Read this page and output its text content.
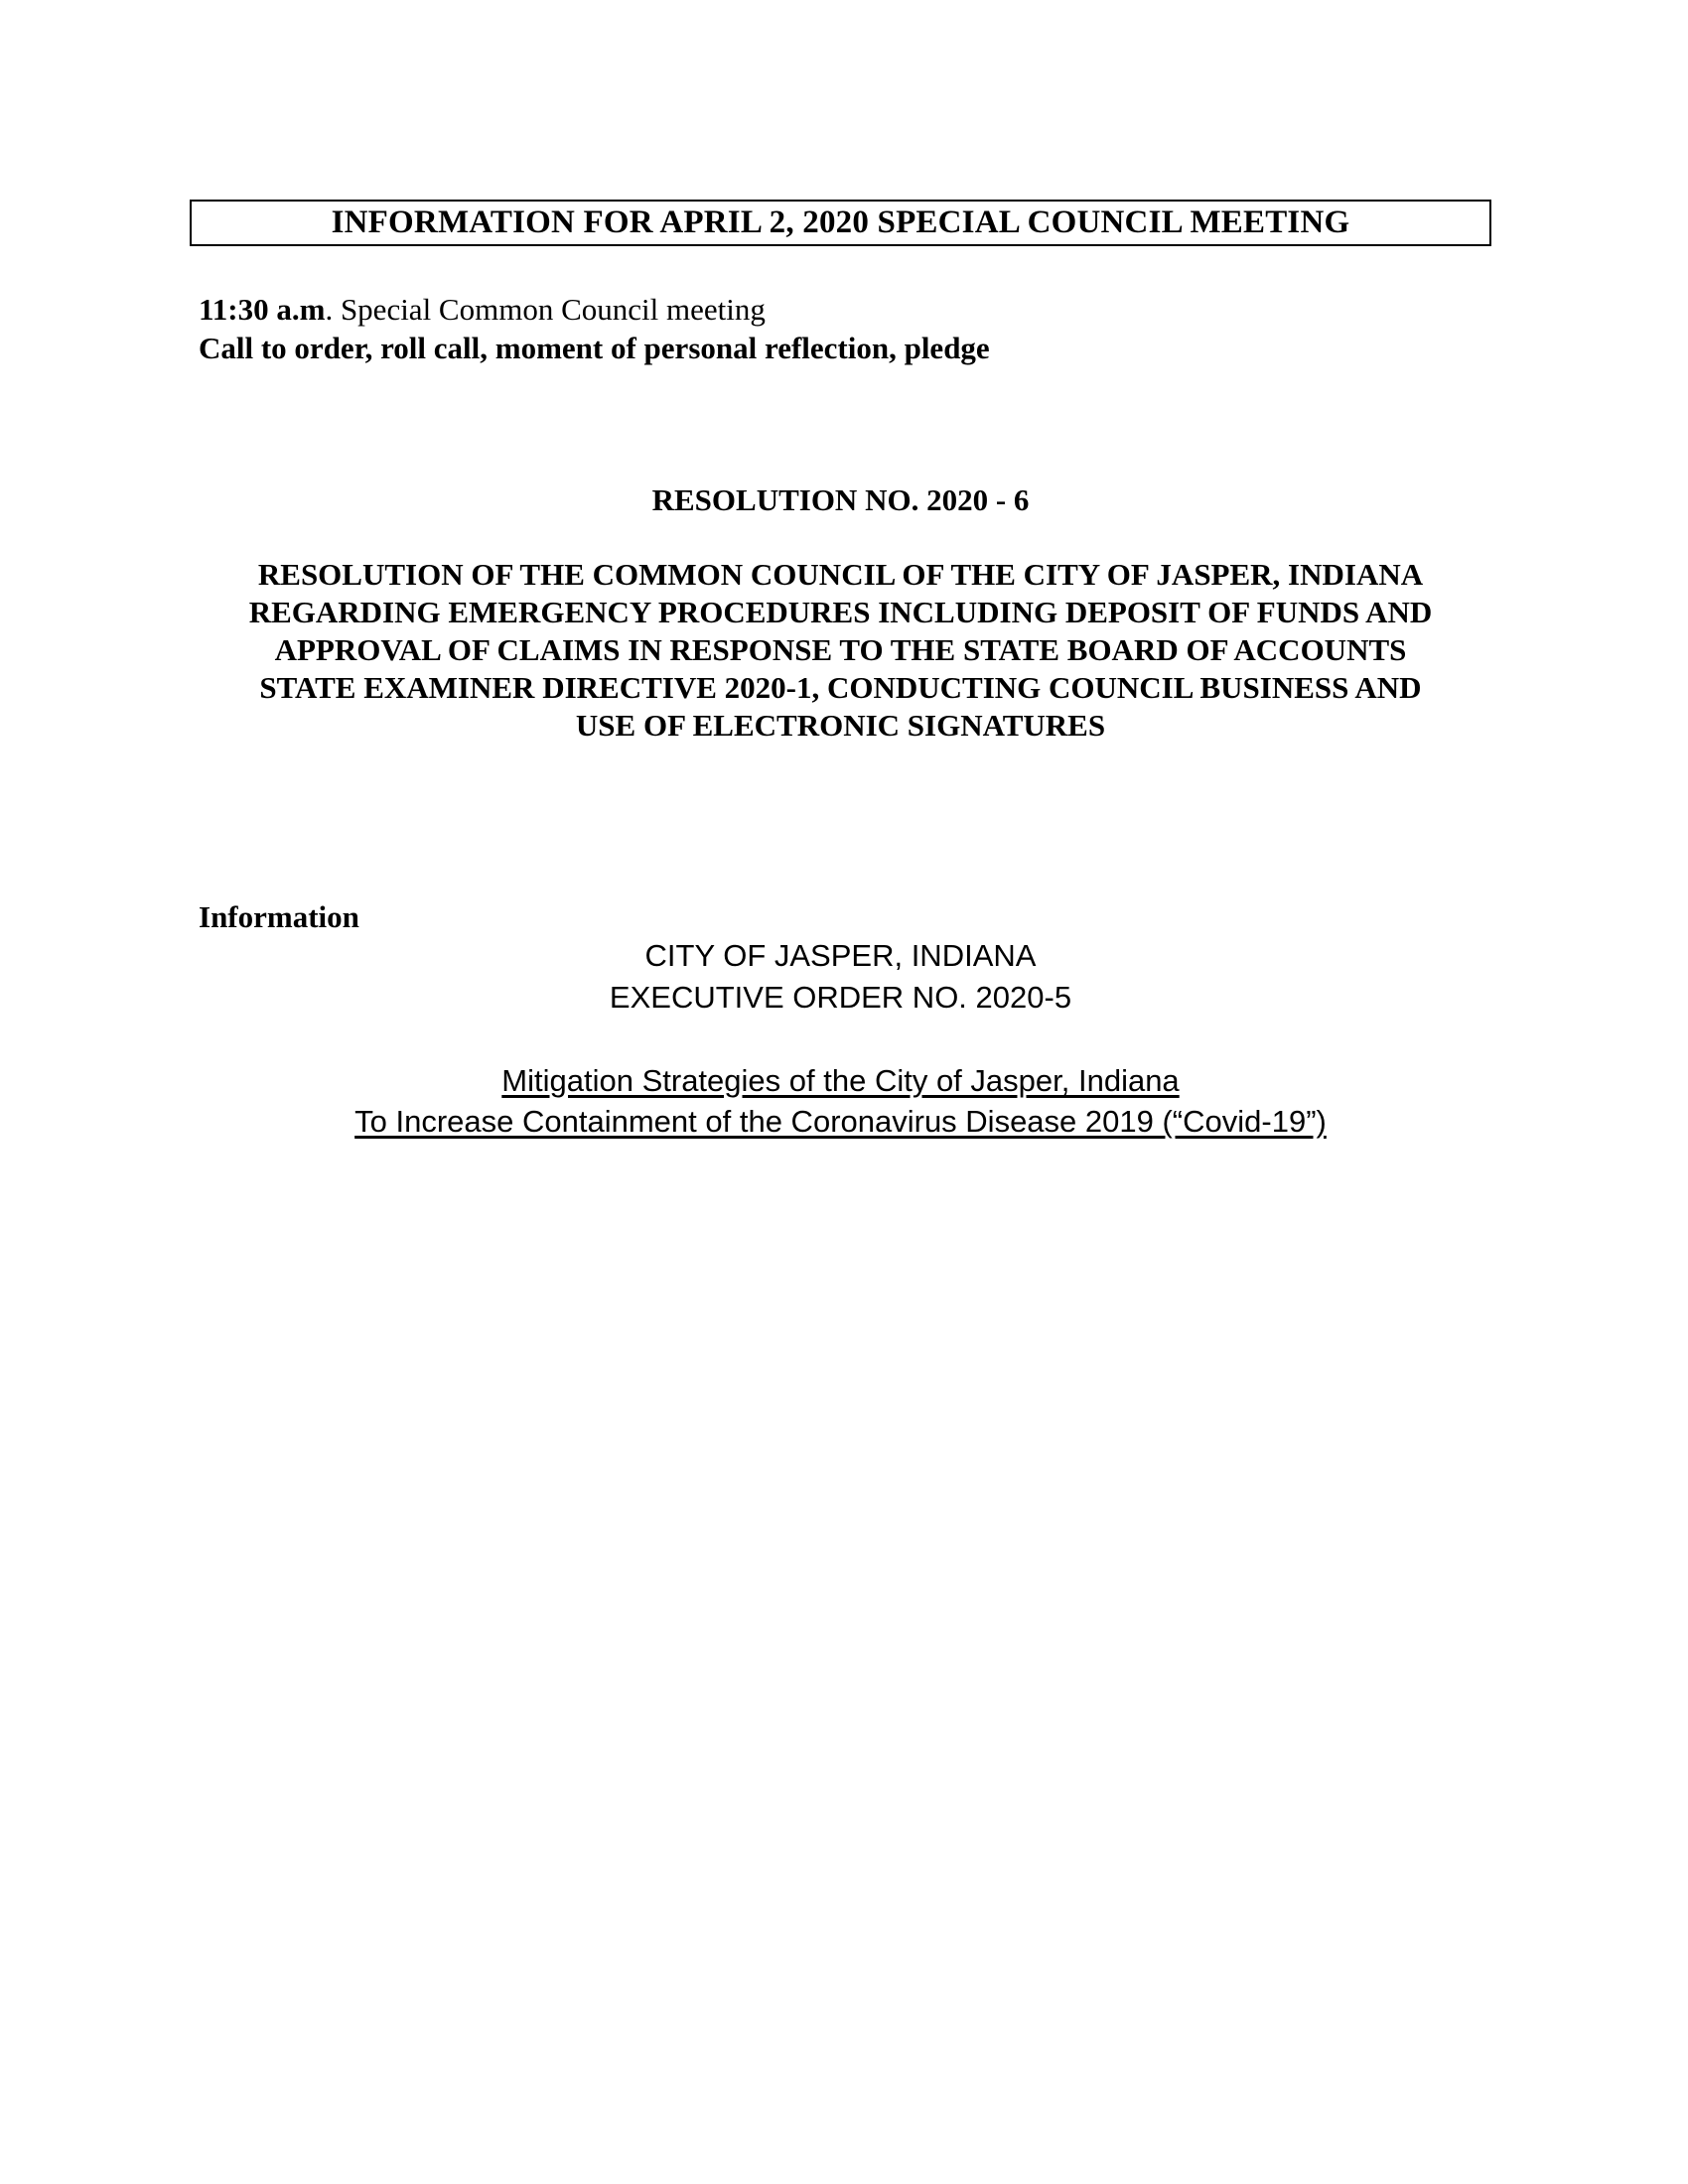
INFORMATION FOR APRIL 2, 2020 SPECIAL COUNCIL MEETING
11:30 a.m. Special Common Council meeting
Call to order, roll call, moment of personal reflection, pledge
RESOLUTION NO. 2020 - 6
RESOLUTION OF THE COMMON COUNCIL OF THE CITY OF JASPER, INDIANA
REGARDING EMERGENCY PROCEDURES INCLUDING DEPOSIT OF FUNDS AND
APPROVAL OF CLAIMS IN RESPONSE TO THE STATE BOARD OF ACCOUNTS
STATE EXAMINER DIRECTIVE 2020-1, CONDUCTING COUNCIL BUSINESS AND
USE OF ELECTRONIC SIGNATURES
Information
CITY OF JASPER, INDIANA
EXECUTIVE ORDER NO. 2020-5
Mitigation Strategies of the City of Jasper, Indiana
To Increase Containment of the Coronavirus Disease 2019 (“Covid-19”)
